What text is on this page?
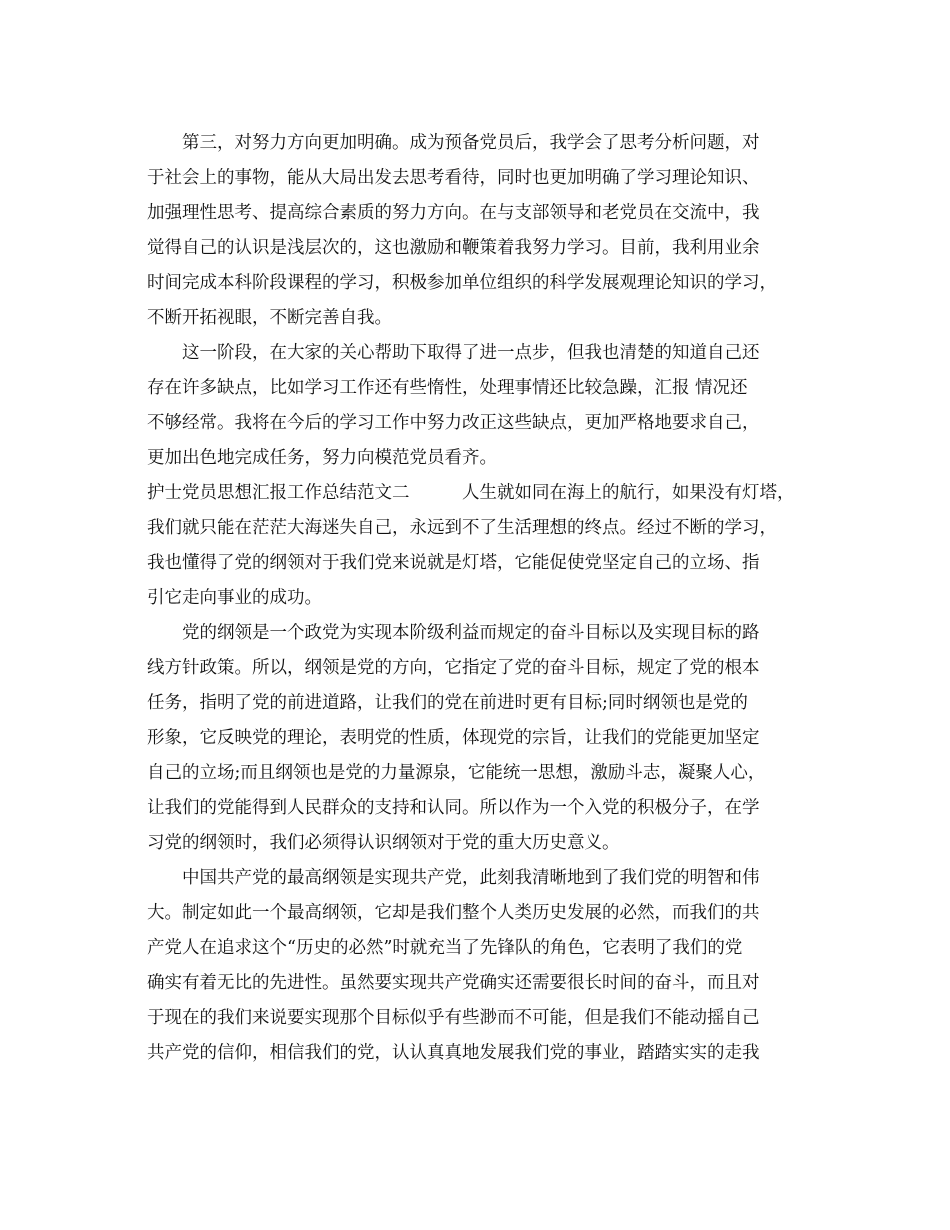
　　第三，对努力方向更加明确。成为预备党员后，我学会了思考分析问题，对
于社会上的事物，能从大局出发去思考看待，同时也更加明确了学习理论知识、
加强理性思考、提高综合素质的努力方向。在与支部领导和老党员在交流中，我
觉得自己的认识是浅层次的，这也激励和鞭策着我努力学习。目前，我利用业余
时间完成本科阶段课程的学习，积极参加单位组织的科学发展观理论知识的学习，
不断开拓视眼，不断完善自我。
　　这一阶段，在大家的关心帮助下取得了进一点步，但我也清楚的知道自己还
存在许多缺点，比如学习工作还有些惰性，处理事情还比较急躁，汇报 情况还
不够经常。我将在今后的学习工作中努力改正这些缺点，更加严格地要求自己，
更加出色地完成任务，努力向模范党员看齐。
护士党员思想汇报工作总结范文二　　　人生就如同在海上的航行，如果没有灯塔，
我们就只能在茫茫大海迷失自己，永远到不了生活理想的终点。经过不断的学习，
我也懂得了党的纲领对于我们党来说就是灯塔，它能促使党坚定自己的立场、指
引它走向事业的成功。
　　党的纲领是一个政党为实现本阶级利益而规定的奋斗目标以及实现目标的路
线方针政策。所以，纲领是党的方向，它指定了党的奋斗目标，规定了党的根本
任务，指明了党的前进道路，让我们的党在前进时更有目标;同时纲领也是党的
形象，它反映党的理论，表明党的性质，体现党的宗旨，让我们的党能更加坚定
自己的立场;而且纲领也是党的力量源泉，它能统一思想，激励斗志，凝聚人心，
让我们的党能得到人民群众的支持和认同。所以作为一个入党的积极分子，在学
习党的纲领时，我们必须得认识纲领对于党的重大历史意义。
　　中国共产党的最高纲领是实现共产党，此刻我清晰地到了我们党的明智和伟
大。制定如此一个最高纲领，它却是我们整个人类历史发展的必然，而我们的共
产党人在追求这个“历史的必然”时就充当了先锋队的角色，它表明了我们的党
确实有着无比的先进性。虽然要实现共产党确实还需要很长时间的奋斗，而且对
于现在的我们来说要实现那个目标似乎有些渺而不可能，但是我们不能动摇自己
共产党的信仰，相信我们的党，认认真真地发展我们党的事业，踏踏实实的走我
